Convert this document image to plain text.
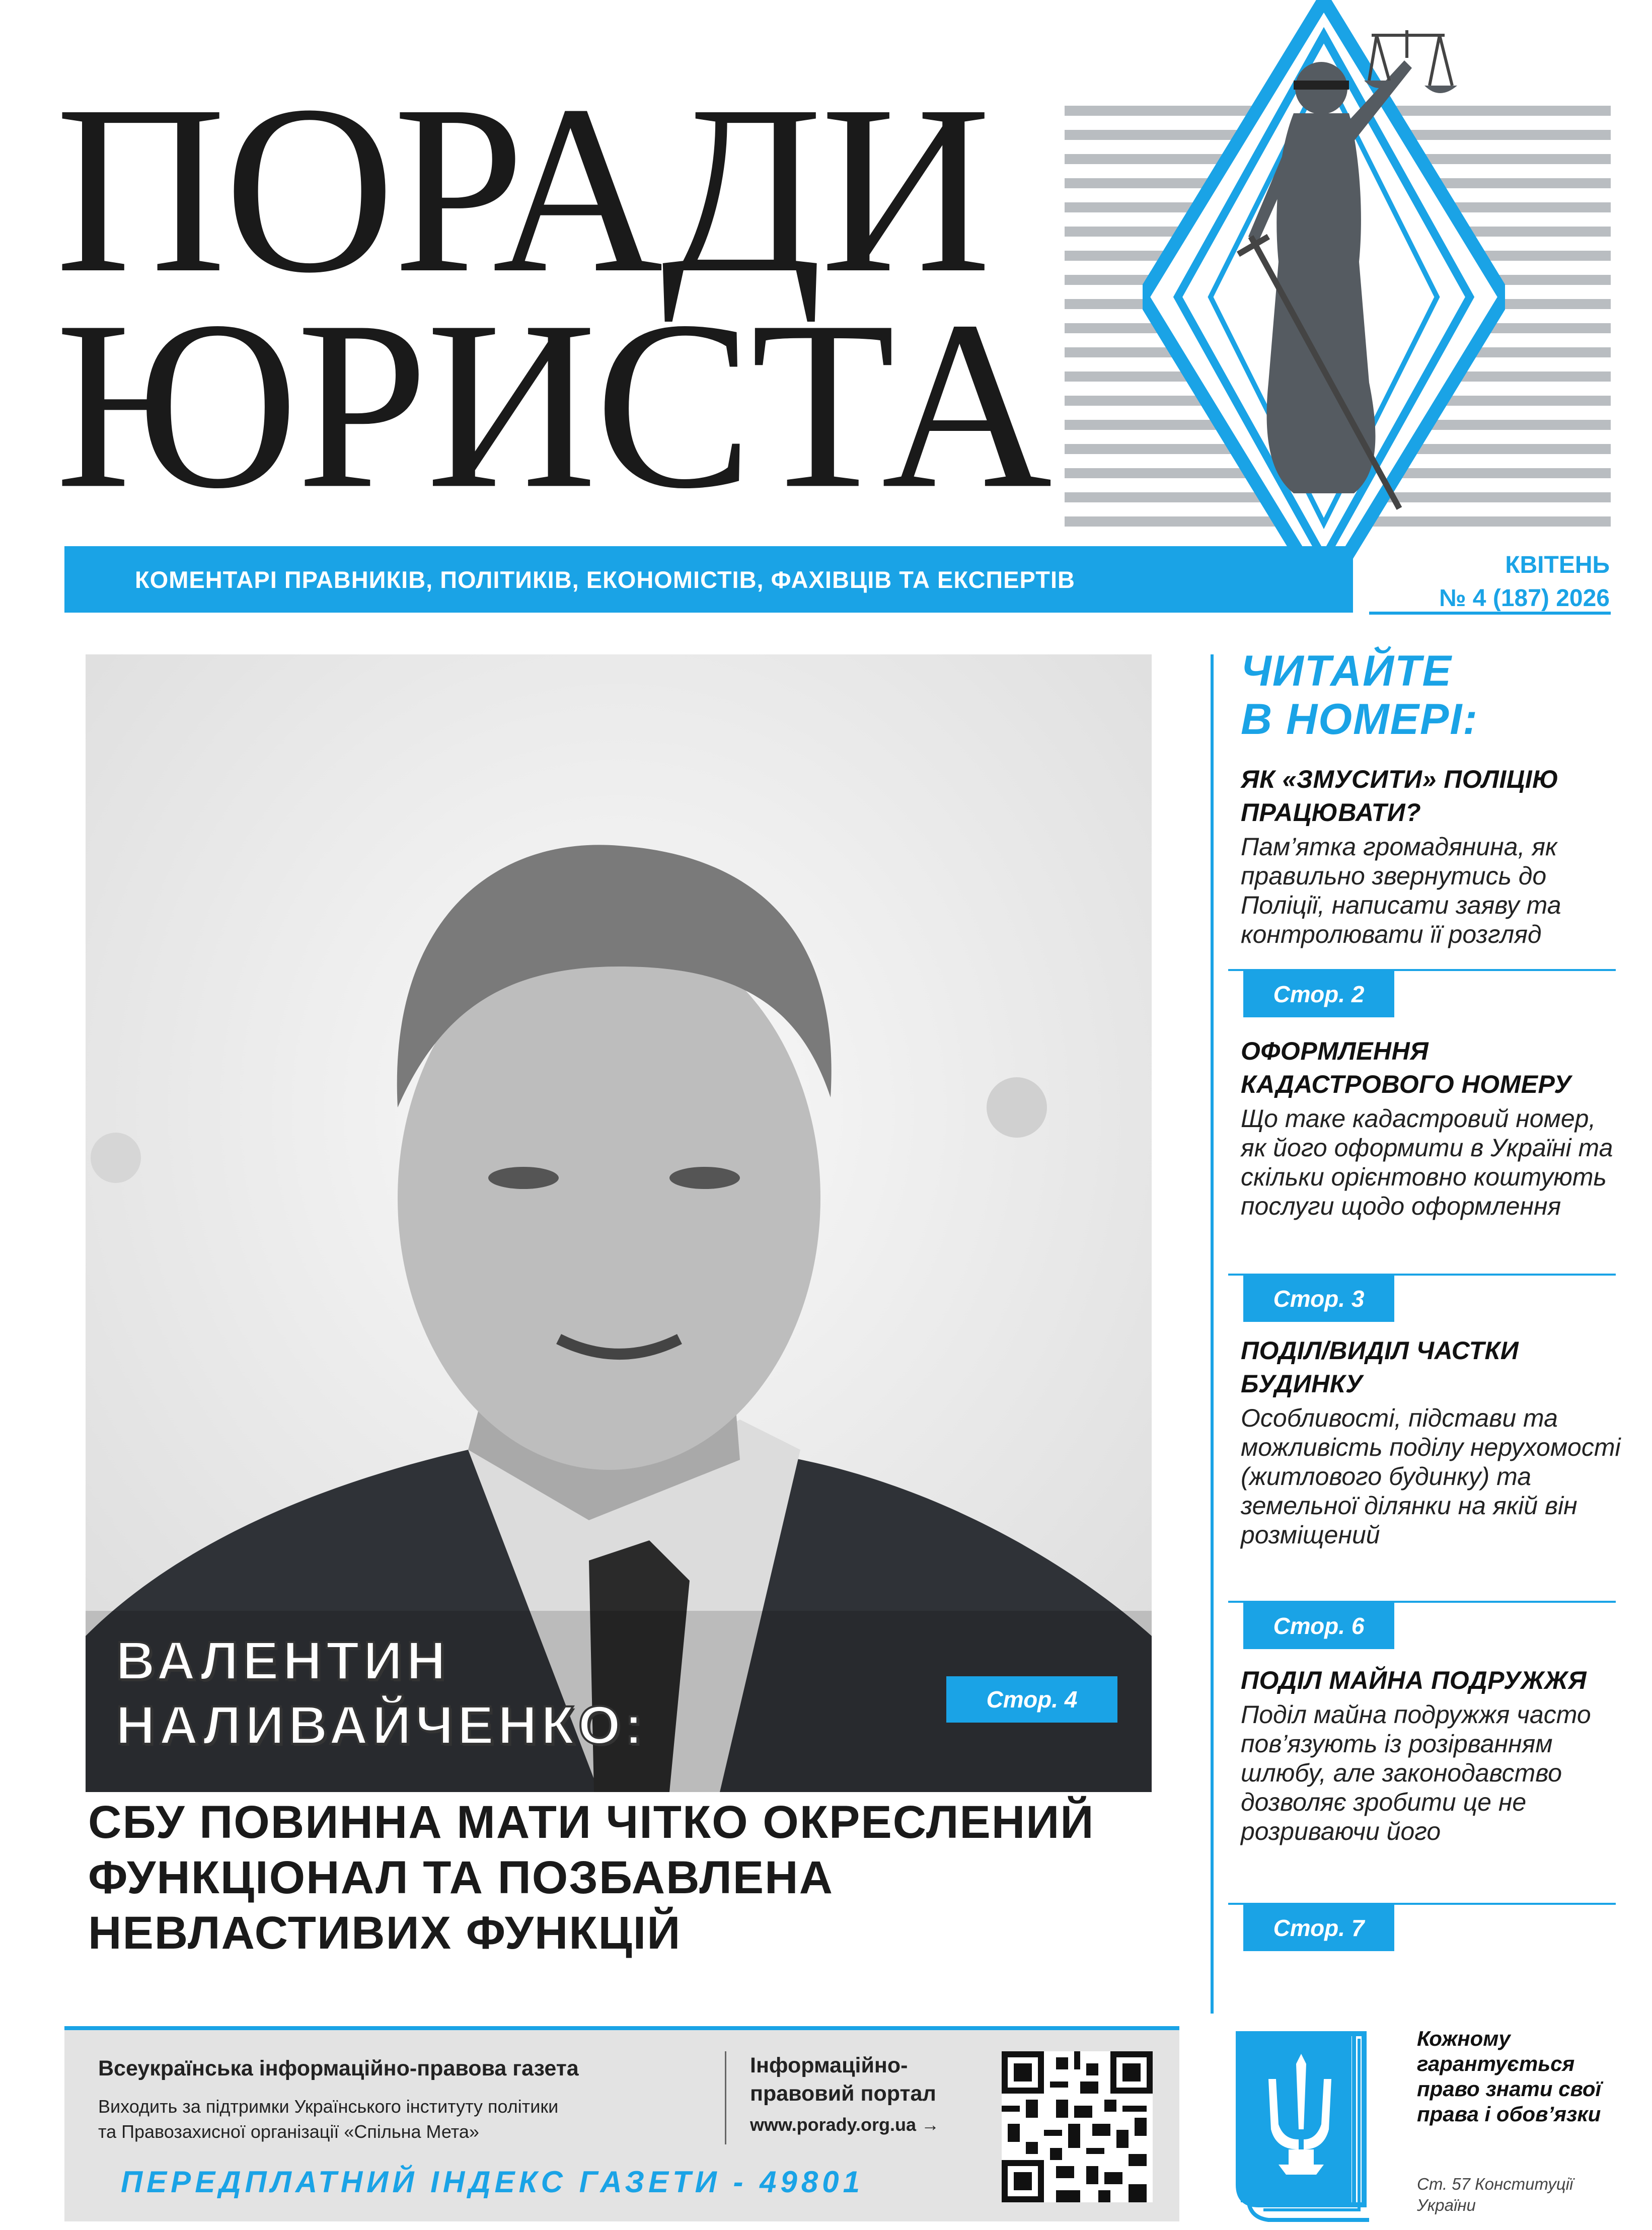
ПОРАДИ
ЮРИСТА
КОМЕНТАРІ ПРАВНИКІВ, ПОЛІТИКІВ, ЕКОНОМІСТІВ, ФАХІВЦІВ ТА ЕКСПЕРТІВ
КВІТЕНЬ
№ 4 (187) 2026
ВАЛЕНТИН
НАЛИВАЙЧЕНКО:	Стор. 4
СБУ ПОВИННА МАТИ ЧІТКО ОКРЕСЛЕНИЙ ФУНКЦІОНАЛ ТА ПОЗБАВЛЕНА НЕВЛАСТИВИХ ФУНКЦІЙ
ЧИТАЙТЕ
В НОМЕРІ:
ЯК «ЗМУСИТИ» ПОЛІЦІЮ ПРАЦЮВАТИ?

Пам’ятка громадянина, як правильно звернутись до Поліції, написати заяву та контролювати її розгляд

Стор. 2
ОФОРМЛЕННЯ КАДАСТРОВОГО НОМЕРУ

Що таке кадастровий номер, як його оформити в Україні та скільки орієнтовно коштують послуги щодо оформлення

Стор. 3
ПОДІЛ/ВИДІЛ ЧАСТКИ БУДИНКУ

Особливості, підстави та можливість поділу нерухомості (житлового будинку) та земельної ділянки на якій він розміщений

Стор. 6
ПОДІЛ МАЙНА ПОДРУЖЖЯ

Поділ майна подружжя часто пов’язують із розірванням шлюбу, але законодавство дозволяє зробити це не розриваючи його

Стор. 7
Всеукраїнська інформаційно-правова газета
Виходить за підтримки Українського інституту політики
та Правозахисної організації «Спільна Мета»
Інформаційно-
правовий портал
www.porady.org.ua →
ПЕРЕДПЛАТНИЙ ІНДЕКС ГАЗЕТИ - 49801
Кожному гарантується право знати свої права і обов’язки
Ст. 57 Конституції України
